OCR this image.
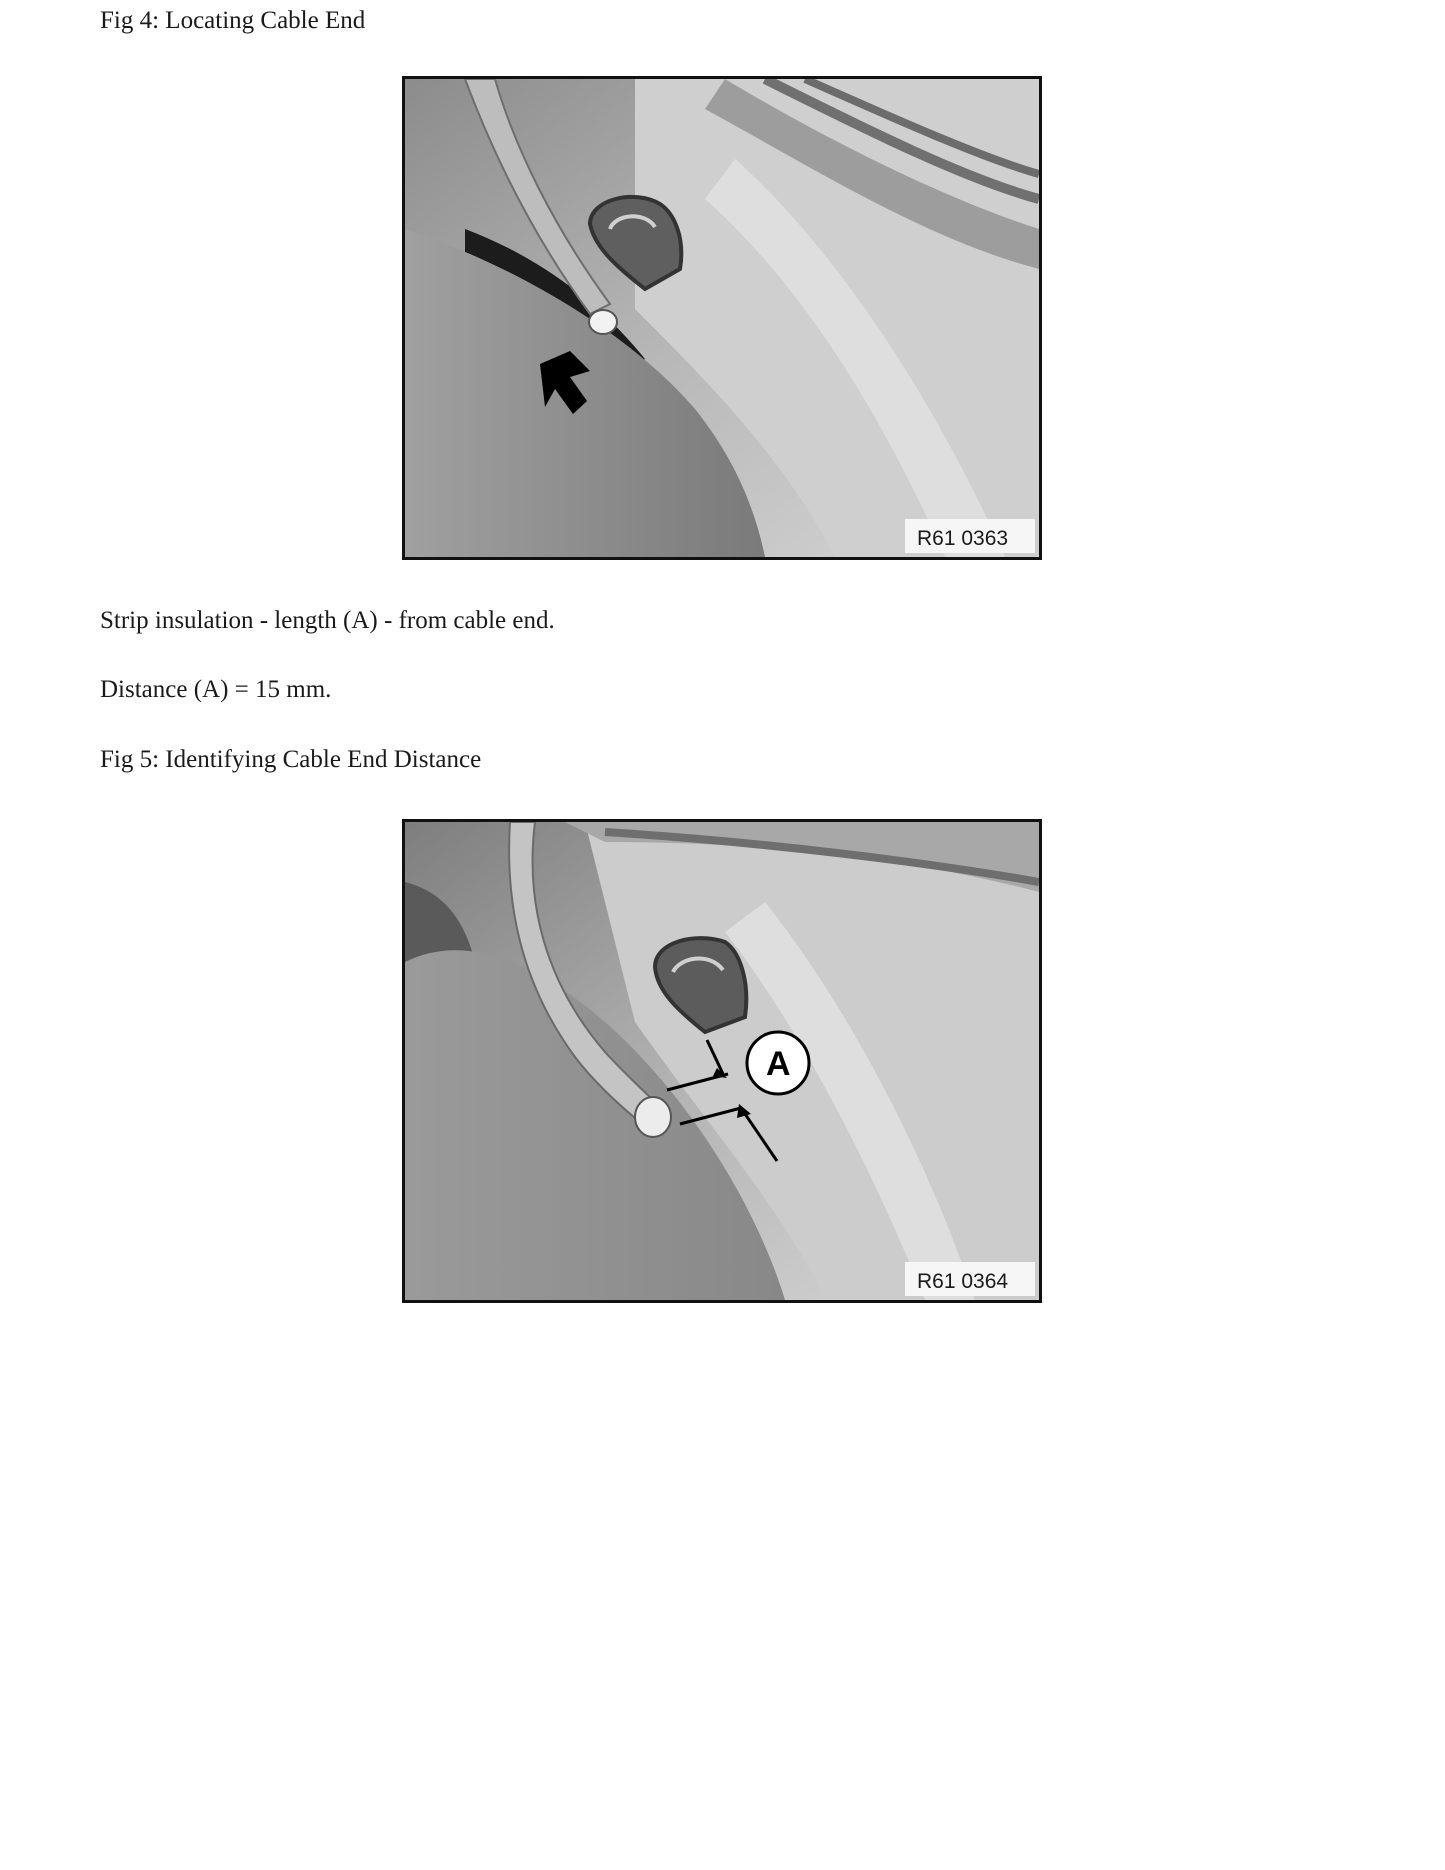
Fig 4: Locating Cable End
R61 0363
Strip insulation - length (A) - from cable end.
Distance (A) = 15 mm.
Fig 5: Identifying Cable End Distance
A
R61 0364
